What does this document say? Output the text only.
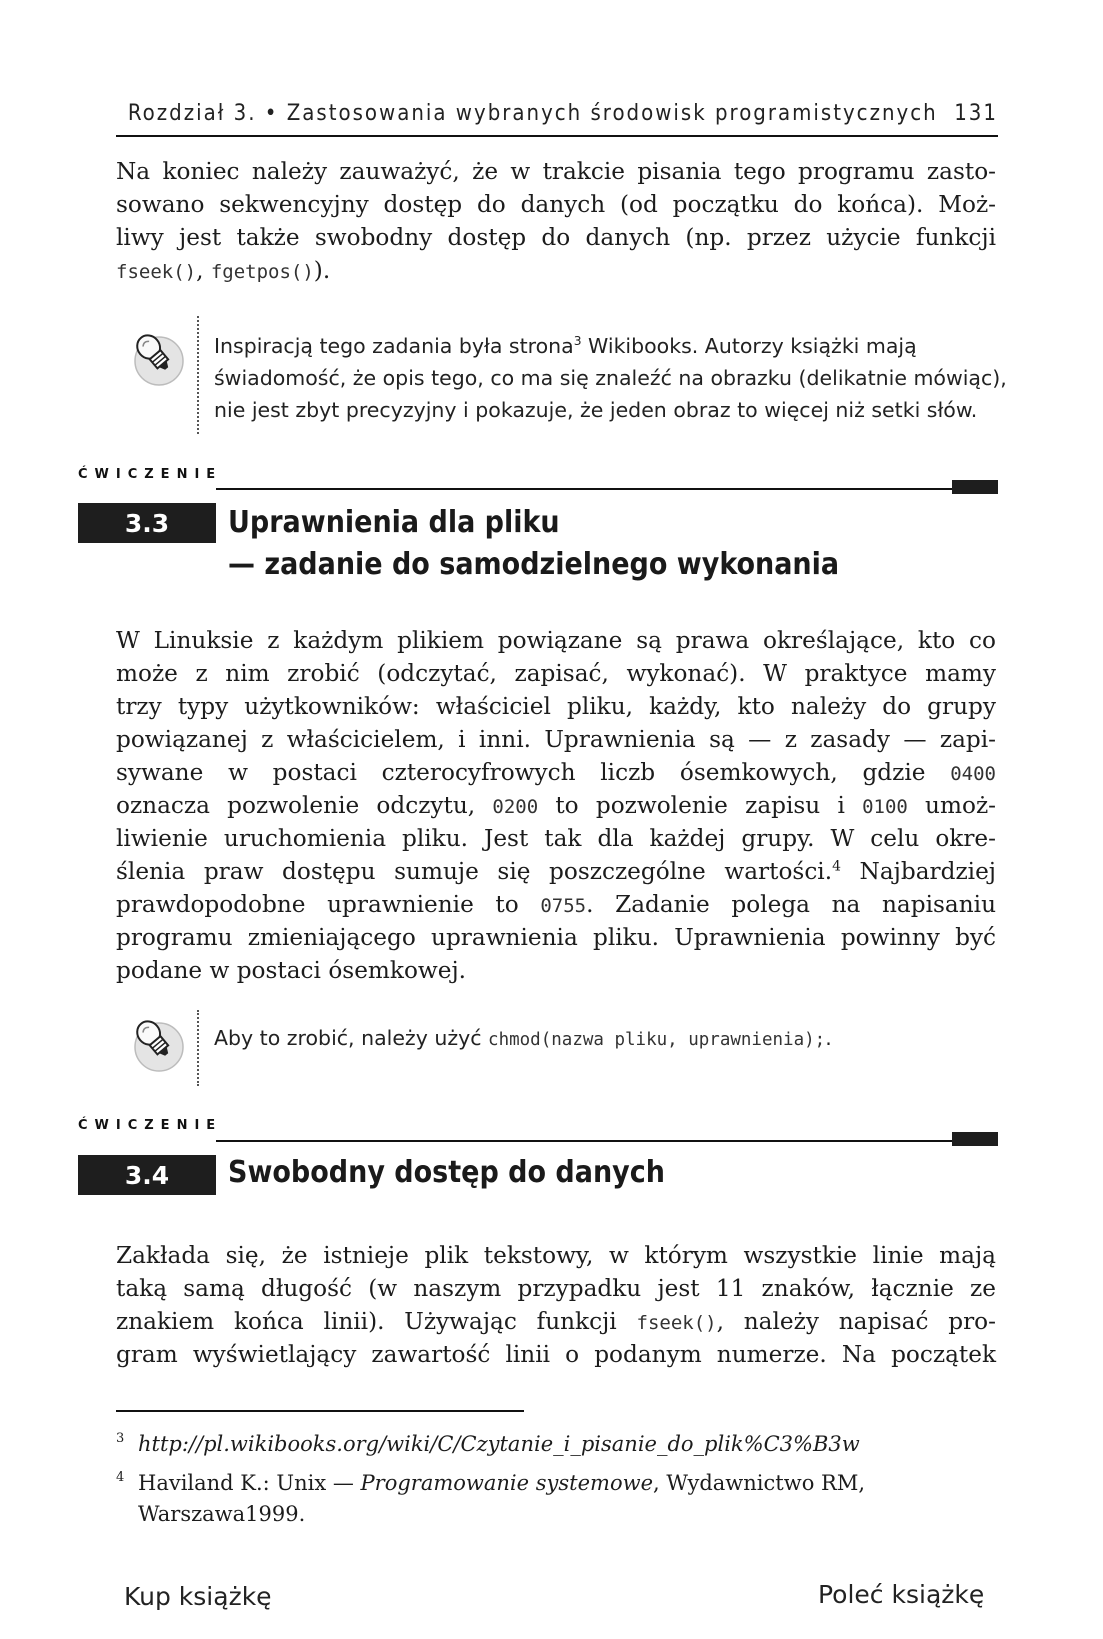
Rozdział 3. • Zastosowania wybranych środowisk programistycznych 131
Na koniec należy zauważyć, że w trakcie pisania tego programu zasto-
sowano sekwencyjny dostęp do danych (od początku do końca). Moż-
liwy jest także swobodny dostęp do danych (np. przez użycie funkcji
fseek(), fgetpos()).
Inspiracją tego zadania była strona$^3$ Wikibooks. Autorzy książki mają
świadomość, że opis tego, co ma się znaleźć na obrazku (delikatnie mówiąc),
nie jest zbyt precyzyjny i pokazuje, że jeden obraz to więcej niż setki słów.
ĆWICZENIE
3.3	Uprawnienia dla pliku
— zadanie do samodzielnego wykonania
W Linuksie z każdym plikiem powiązane są prawa określające, kto co
może z nim zrobić (odczytać, zapisać, wykonać). W praktyce mamy
trzy typy użytkowników: właściciel pliku, każdy, kto należy do grupy
powiązanej z właścicielem, i inni. Uprawnienia są — z zasady — zapi-
sywane w postaci czterocyfrowych liczb ósemkowych, gdzie 0400
oznacza pozwolenie odczytu, 0200 to pozwolenie zapisu i 0100 umoż-
liwienie uruchomienia pliku. Jest tak dla każdej grupy. W celu okre-
ślenia praw dostępu sumuje się poszczególne wartości.$^4$ Najbardziej
prawdopodobne uprawnienie to 0755. Zadanie polega na napisaniu
programu zmieniającego uprawnienia pliku. Uprawnienia powinny być
podane w postaci ósemkowej.
Aby to zrobić, należy użyć chmod(nazwa pliku, uprawnienia);.
ĆWICZENIE
3.4	Swobodny dostęp do danych
Zakłada się, że istnieje plik tekstowy, w którym wszystkie linie mają
taką samą długość (w naszym przypadku jest 11 znaków, łącznie ze
znakiem końca linii). Używając funkcji fseek(), należy napisać pro-
gram wyświetlający zawartość linii o podanym numerze. Na początek
3 http://pl.wikibooks.org/wiki/C/Czytanie_i_pisanie_do_plik%C3%B3w
4 Haviland K.: Unix — Programowanie systemowe, Wydawnictwo RM,
Warszawa1999.
Kup książkę	Poleć książkę
